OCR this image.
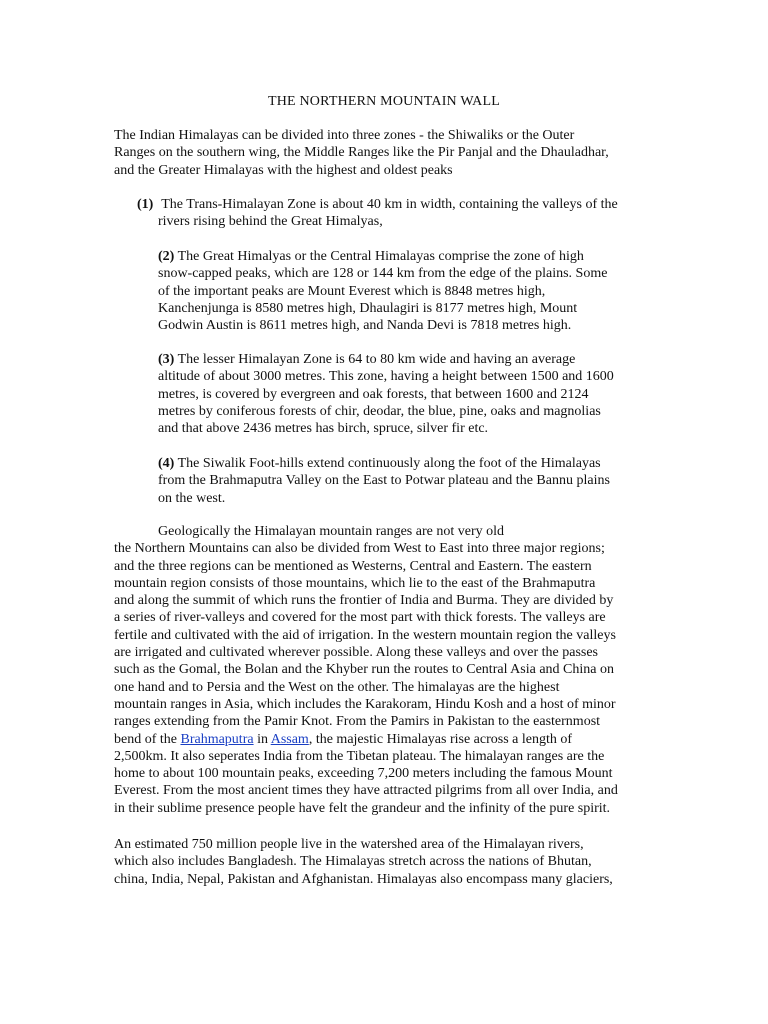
THE NORTHERN MOUNTAIN WALL
The Indian Himalayas can be divided into three zones - the Shiwaliks or the Outer
Ranges on the southern wing, the Middle Ranges like the Pir Panjal and the Dhauladhar,
and the Greater Himalayas with the highest and oldest peaks
(1) The Trans-Himalayan Zone is about 40 km in width, containing the valleys of the
rivers rising behind the Great Himalyas,
(2) The Great Himalyas or the Central Himalayas comprise the zone of high
snow-capped peaks, which are 128 or 144 km from the edge of the plains. Some
of the important peaks are Mount Everest which is 8848 metres high,
Kanchenjunga is 8580 metres high, Dhaulagiri is 8177 metres high, Mount
Godwin Austin is 8611 metres high, and Nanda Devi is 7818 metres high.
(3) The lesser Himalayan Zone is 64 to 80 km wide and having an average
altitude of about 3000 metres. This zone, having a height between 1500 and 1600
metres, is covered by evergreen and oak forests, that between 1600 and 2124
metres by coniferous forests of chir, deodar, the blue, pine, oaks and magnolias
and that above 2436 metres has birch, spruce, silver fir etc.
(4) The Siwalik Foot-hills extend continuously along the foot of the Himalayas
from the Brahmaputra Valley on the East to Potwar plateau and the Bannu plains
on the west.
Geologically the Himalayan mountain ranges are not very old
the Northern Mountains can also be divided from West to East into three major regions;
and the three regions can be mentioned as Westerns, Central and Eastern. The eastern
mountain region consists of those mountains, which lie to the east of the Brahmaputra
and along the summit of which runs the frontier of India and Burma. They are divided by
a series of river-valleys and covered for the most part with thick forests. The valleys are
fertile and cultivated with the aid of irrigation. In the western mountain region the valleys
are irrigated and cultivated wherever possible. Along these valleys and over the passes
such as the Gomal, the Bolan and the Khyber run the routes to Central Asia and China on
one hand and to Persia and the West on the other. The himalayas are the highest
mountain ranges in Asia, which includes the Karakoram, Hindu Kosh and a host of minor
ranges extending from the Pamir Knot. From the Pamirs in Pakistan to the easternmost
bend of the Brahmaputra in Assam, the majestic Himalayas rise across a length of
2,500km. It also seperates India from the Tibetan plateau. The himalayan ranges are the
home to about 100 mountain peaks, exceeding 7,200 meters including the famous Mount
Everest. From the most ancient times they have attracted pilgrims from all over India, and
in their sublime presence people have felt the grandeur and the infinity of the pure spirit.
An estimated 750 million people live in the watershed area of the Himalayan rivers,
which also includes Bangladesh. The Himalayas stretch across the nations of Bhutan,
china, India, Nepal, Pakistan and Afghanistan. Himalayas also encompass many glaciers,
